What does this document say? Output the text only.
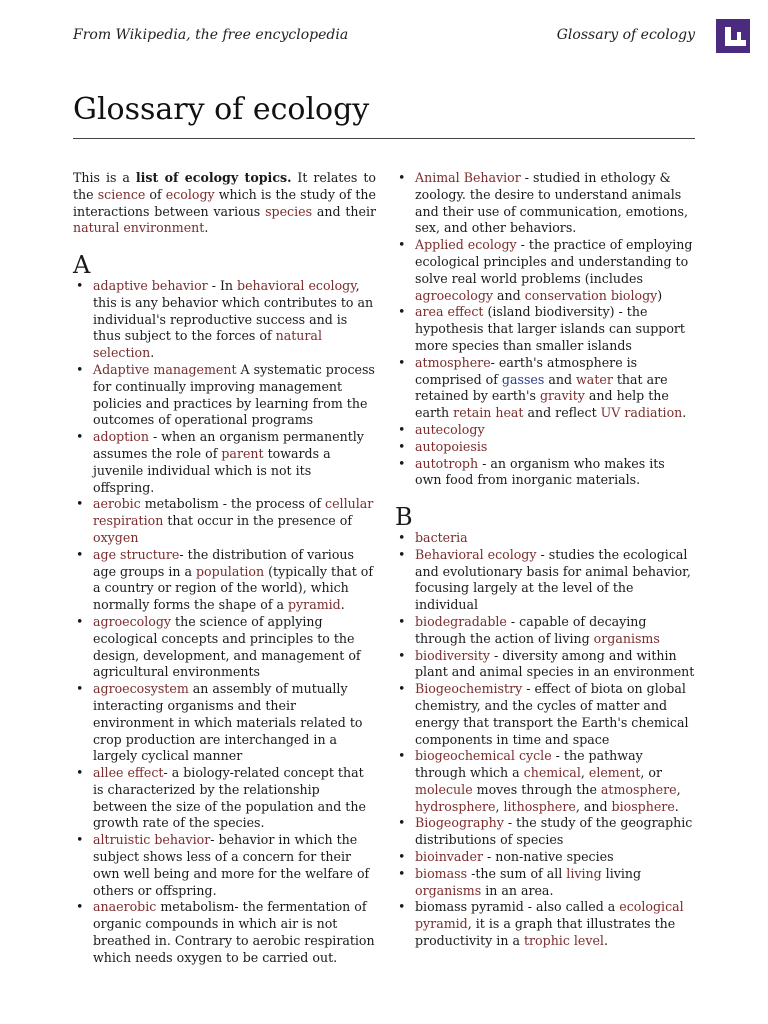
From Wikipedia, the free encyclopedia	Glossary of ecology
Glossary of ecology

This is a list of ecology topics. It relates to the science of ecology which is the study of the interactions between various species and their natural environment.

A
• adaptive behavior - In behavioral ecology, this is any behavior which contributes to an individual's reproductive success and is thus subject to the forces of natural selection.
• Adaptive management A systematic process for continually improving management policies and practices by learning from the outcomes of operational programs
• adoption - when an organism permanently assumes the role of parent towards a juvenile individual which is not its offspring.
• aerobic metabolism - the process of cellular respiration that occur in the presence of oxygen
• age structure- the distribution of various age groups in a population (typically that of a country or region of the world), which normally forms the shape of a pyramid.
• agroecology the science of applying ecological concepts and principles to the design, development, and management of agricultural environments
• agroecosystem an assembly of mutually interacting organisms and their environment in which materials related to crop production are interchanged in a largely cyclical manner
• allee effect- a biology-related concept that is characterized by the relationship between the size of the population and the growth rate of the species.
• altruistic behavior- behavior in which the subject shows less of a concern for their own well being and more for the welfare of others or offspring.
• anaerobic metabolism- the fermentation of organic compounds in which air is not breathed in. Contrary to aerobic respiration which needs oxygen to be carried out.
• Animal Behavior - studied in ethology & zoology. the desire to understand animals and their use of communication, emotions, sex, and other behaviors.
• Applied ecology - the practice of employing ecological principles and understanding to solve real world problems (includes agroecology and conservation biology)
• area effect (island biodiversity) - the hypothesis that larger islands can support more species than smaller islands
• atmosphere- earth's atmosphere is comprised of gasses and water that are retained by earth's gravity and help the earth retain heat and reflect UV radiation.
• autecology
• autopoiesis
• autotroph - an organism who makes its own food from inorganic materials.
B
• bacteria
• Behavioral ecology - studies the ecological and evolutionary basis for animal behavior, focusing largely at the level of the individual
• biodegradable - capable of decaying through the action of living organisms
• biodiversity - diversity among and within plant and animal species in an environment
• Biogeochemistry - effect of biota on global chemistry, and the cycles of matter and energy that transport the Earth's chemical components in time and space
• biogeochemical cycle - the pathway through which a chemical, element, or molecule moves through the atmosphere, hydrosphere, lithosphere, and biosphere.
• Biogeography - the study of the geographic distributions of species
• bioinvader - non-native species
• biomass -the sum of all living living organisms in an area.
• biomass pyramid - also called a ecological pyramid, it is a graph that illustrates the productivity in a trophic level.
